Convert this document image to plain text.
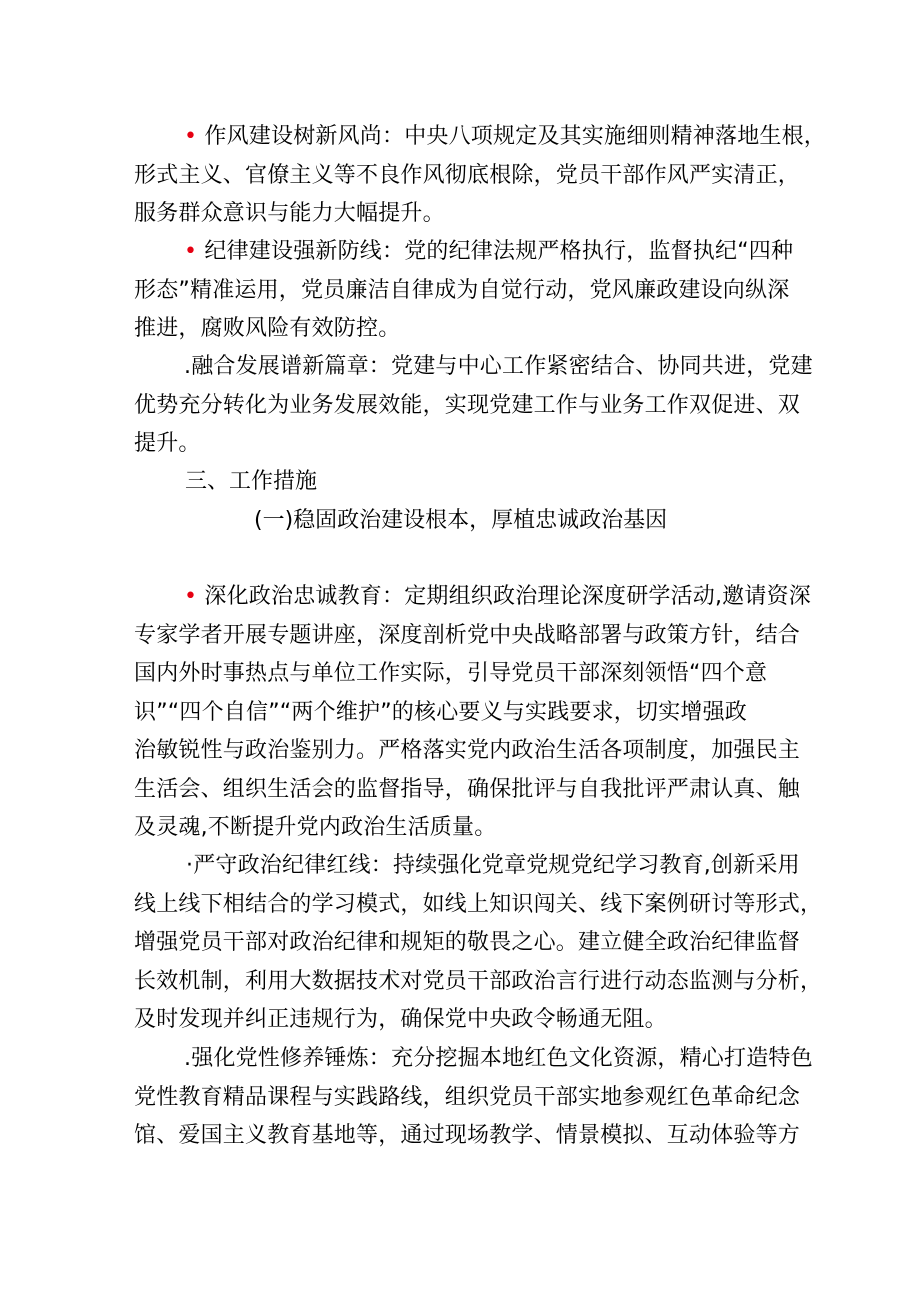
• 作风建设树新风尚：中央八项规定及其实施细则精神落地生根，
形式主义、官僚主义等不良作风彻底根除，党员干部作风严实清正，
服务群众意识与能力大幅提升。
• 纪律建设强新防线：党的纪律法规严格执行，监督执纪“四种
形态”精准运用，党员廉洁自律成为自觉行动，党风廉政建设向纵深
推进，腐败风险有效防控。
.融合发展谱新篇章：党建与中心工作紧密结合、协同共进，党建
优势充分转化为业务发展效能，实现党建工作与业务工作双促进、双
提升。
三、工作措施
(一)稳固政治建设根本，厚植忠诚政治基因
• 深化政治忠诚教育：定期组织政治理论深度研学活动,邀请资深
专家学者开展专题讲座，深度剖析党中央战略部署与政策方针，结合
国内外时事热点与单位工作实际，引导党员干部深刻领悟“四个意
识”“四个自信”“两个维护”的核心要义与实践要求，切实增强政
治敏锐性与政治鉴别力。严格落实党内政治生活各项制度，加强民主
生活会、组织生活会的监督指导，确保批评与自我批评严肃认真、触
及灵魂,不断提升党内政治生活质量。
·严守政治纪律红线：持续强化党章党规党纪学习教育,创新采用
线上线下相结合的学习模式，如线上知识闯关、线下案例研讨等形式，
增强党员干部对政治纪律和规矩的敬畏之心。建立健全政治纪律监督
长效机制，利用大数据技术对党员干部政治言行进行动态监测与分析，
及时发现并纠正违规行为，确保党中央政令畅通无阻。
.强化党性修养锤炼：充分挖掘本地红色文化资源，精心打造特色
党性教育精品课程与实践路线，组织党员干部实地参观红色革命纪念
馆、爱国主义教育基地等，通过现场教学、情景模拟、互动体验等方
